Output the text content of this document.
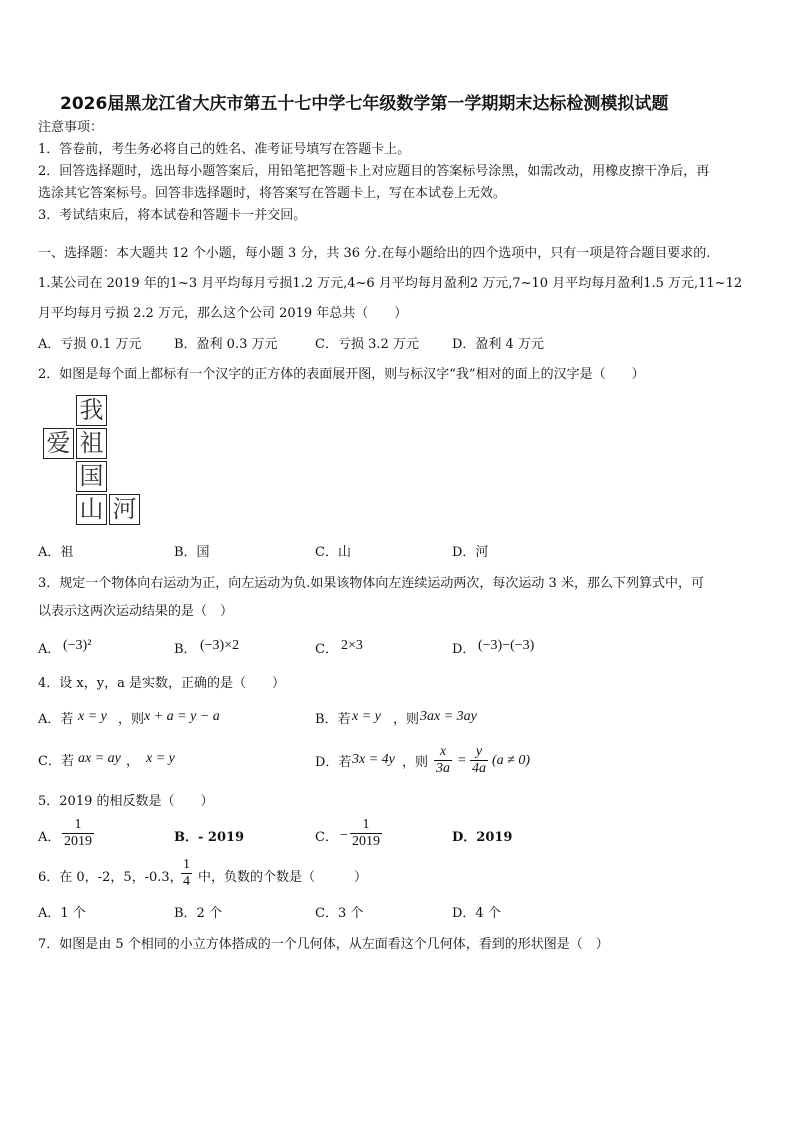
2026届黑龙江省大庆市第五十七中学七年级数学第一学期期末达标检测模拟试题
注意事项：
1．答卷前，考生务必将自己的姓名、准考证号填写在答题卡上。
2．回答选择题时，选出每小题答案后，用铅笔把答题卡上对应题目的答案标号涂黑，如需改动，用橡皮擦干净后，再
选涂其它答案标号。回答非选择题时，将答案写在答题卡上，写在本试卷上无效。
3．考试结束后，将本试卷和答题卡一并交回。
一、选择题：本大题共 12 个小题，每小题 3 分，共 36 分.在每小题给出的四个选项中，只有一项是符合题目要求的.
1.某公司在 2019 年的1~3 月平均每月亏损1.2 万元,4~6 月平均每月盈利2 万元,7~10 月平均每月盈利1.5 万元,11~12
月平均每月亏损 2.2 万元，那么这个公司 2019 年总共（　　）
A．亏损 0.1 万元	B．盈利 0.3 万元	C．亏损 3.2 万元	D．盈利 4 万元
2．如图是每个面上都标有一个汉字的正方体的表面展开图，则与标汉字“我”相对的面上的汉字是（　　）
我
爱 祖
国
山 河
A．祖	B．国	C．山	D．河
3．规定一个物体向右运动为正，向左运动为负.如果该物体向左连续运动两次，每次运动 3 米，那么下列算式中，可
以表示这两次运动结果的是（　）
A． (−3)²	B． (−3)×2	C． 2×3	D． (−3)−(−3)
4．设 x，y，a 是实数，正确的是（　　）
A．若 x = y ，则 x + a = y − a	B．若 x = y ，则 3ax = 3ay
C．若 ax = ay ， x = y	D．若 3x = 4y ，则 $\frac{x}{3a} = \frac{y}{4a} (a \ne 0)$
5．2019 的相反数是（　　）
A． $\frac{1}{2019}$	B．- 2019	C． − $\frac{1}{2019}$	D．2019
6．在 0，-2，5，-0.3，
$\frac{1}{4}$ 中，负数的个数是（　　　）
A．1 个	B．2 个	C．3 个	D．4 个
7．如图是由 5 个相同的小立方体搭成的一个几何体，从左面看这个几何体，看到的形状图是（　）
